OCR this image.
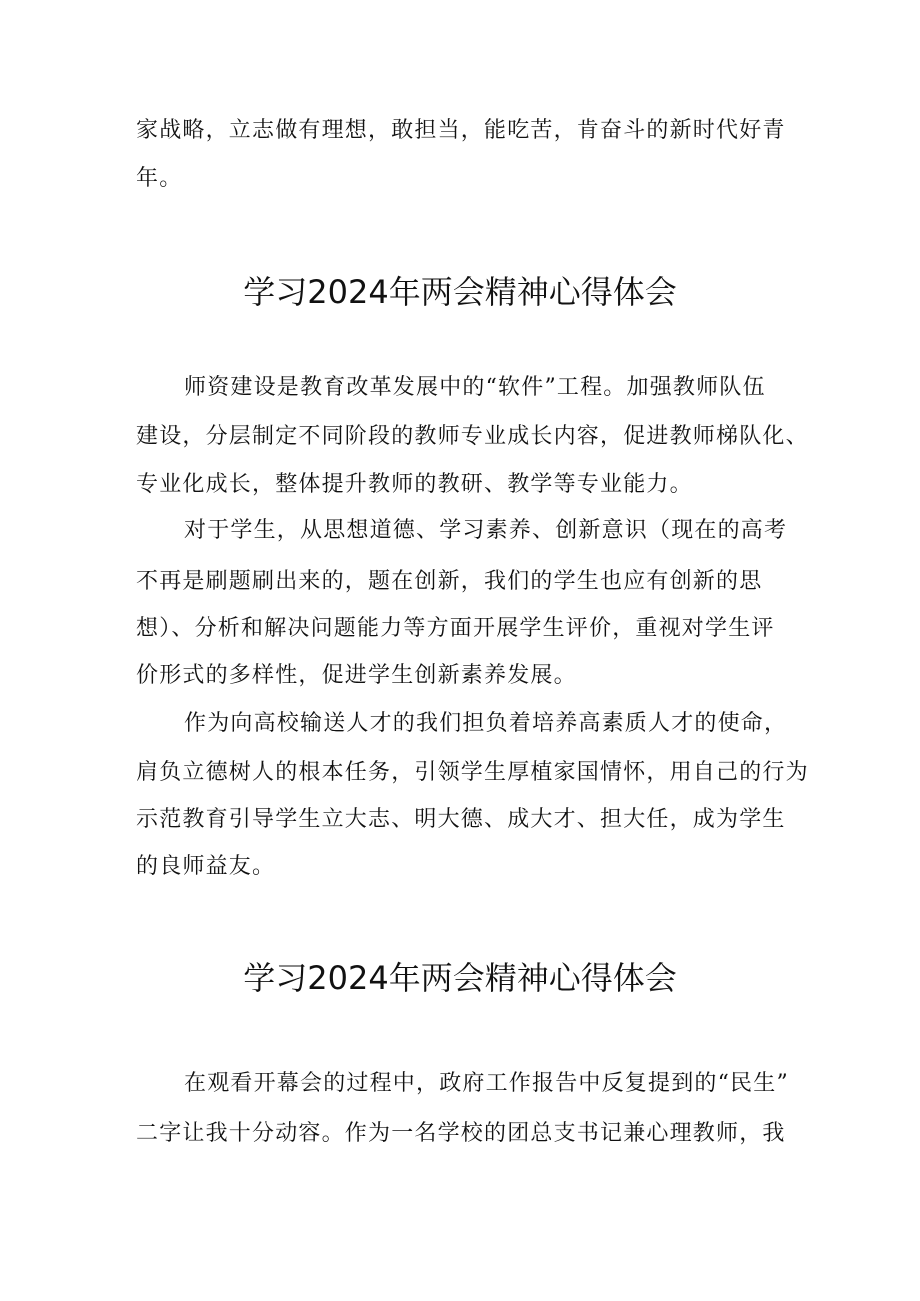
家战略，立志做有理想，敢担当，能吃苦，肯奋斗的新时代好青
年。
学习2024年两会精神心得体会
师资建设是教育改革发展中的“软件”工程。加强教师队伍
建设，分层制定不同阶段的教师专业成长内容，促进教师梯队化、
专业化成长，整体提升教师的教研、教学等专业能力。
对于学生，从思想道德、学习素养、创新意识（现在的高考
不再是刷题刷出来的，题在创新，我们的学生也应有创新的思
想）、分析和解决问题能力等方面开展学生评价，重视对学生评
价形式的多样性，促进学生创新素养发展。
作为向高校输送人才的我们担负着培养高素质人才的使命，
肩负立德树人的根本任务，引领学生厚植家国情怀，用自己的行为
示范教育引导学生立大志、明大德、成大才、担大任，成为学生
的良师益友。
学习2024年两会精神心得体会
在观看开幕会的过程中，政府工作报告中反复提到的“民生”
二字让我十分动容。作为一名学校的团总支书记兼心理教师，我
